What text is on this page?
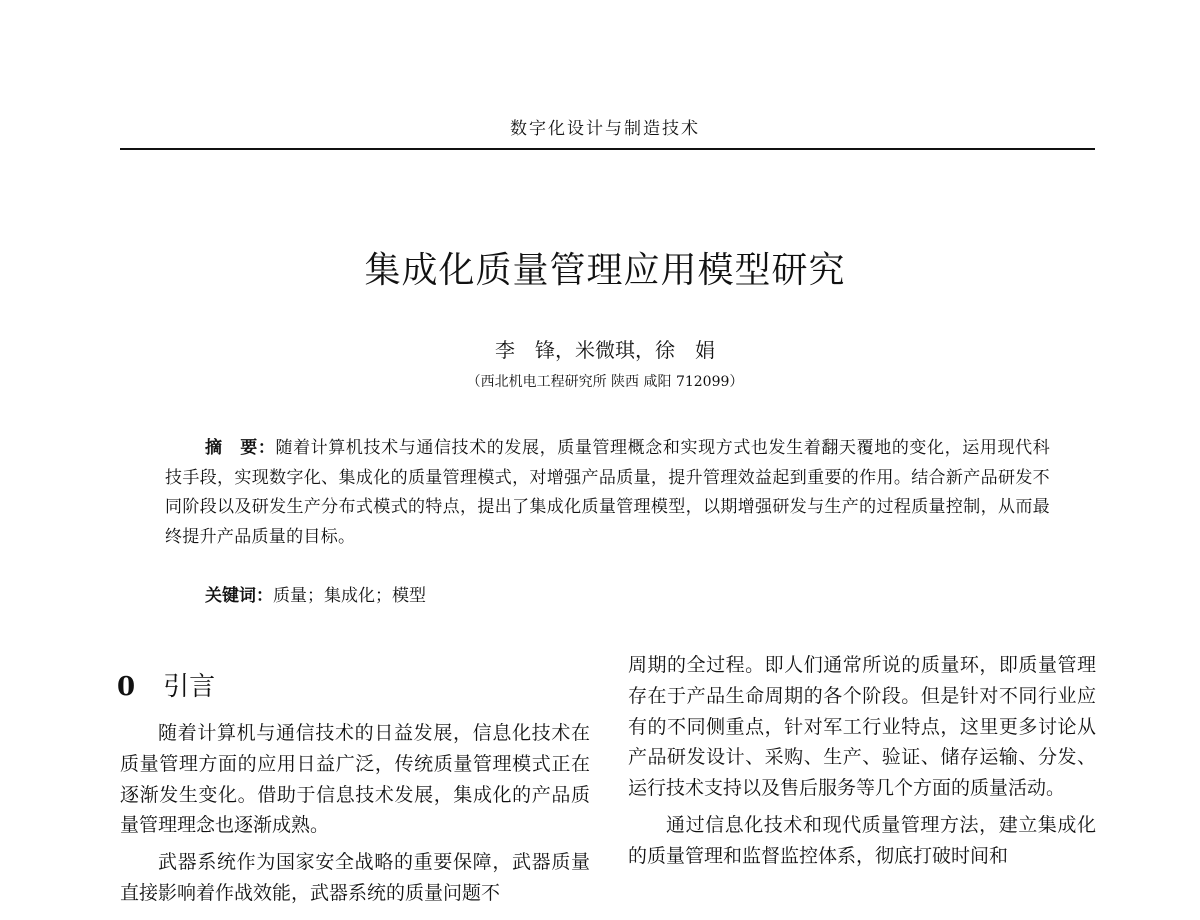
数字化设计与制造技术
集成化质量管理应用模型研究
李　锋，米微琪，徐　娟
（西北机电工程研究所 陕西 咸阳 712099）
摘　要：随着计算机技术与通信技术的发展，质量管理概念和实现方式也发生着翻天覆地的变化，运用现代科技手段，实现数字化、集成化的质量管理模式，对增强产品质量，提升管理效益起到重要的作用。结合新产品研发不同阶段以及研发生产分布式模式的特点，提出了集成化质量管理模型，以期增强研发与生产的过程质量控制，从而最终提升产品质量的目标。
关键词：质量；集成化；模型
0 引言

随着计算机与通信技术的日益发展，信息化技术在质量管理方面的应用日益广泛，传统质量管理模式正在逐渐发生变化。借助于信息技术发展，集成化的产品质量管理理念也逐渐成熟。

武器系统作为国家安全战略的重要保障，武器质量直接影响着作战效能，武器系统的质量问题不

周期的全过程。即人们通常所说的质量环，即质量管理存在于产品生命周期的各个阶段。但是针对不同行业应有的不同侧重点，针对军工行业特点，这里更多讨论从产品研发设计、采购、生产、验证、储存运输、分发、运行技术支持以及售后服务等几个方面的质量活动。

通过信息化技术和现代质量管理方法，建立集成化的质量管理和监督监控体系，彻底打破时间和
